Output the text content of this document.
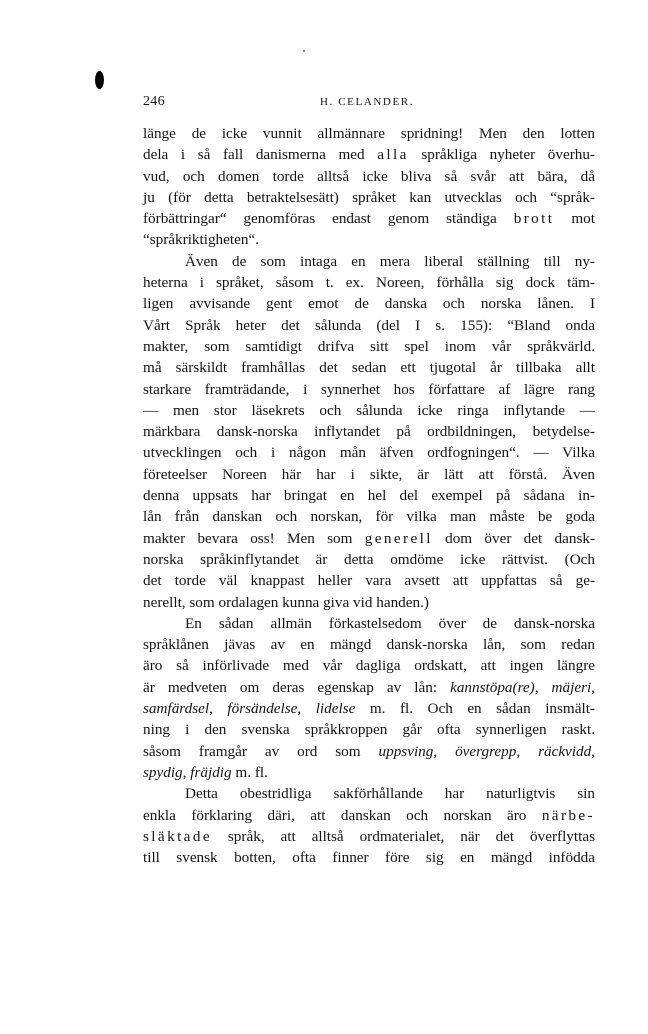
246	H. CELANDER.
länge de icke vunnit allmännare spridning! Men den lotten
dela i så fall danismerna med alla språkliga nyheter överhu-
vud, och domen torde alltså icke bliva så svår att bära, då
ju (för detta betraktelsesätt) språket kan utvecklas och “språk-
förbättringar“ genomföras endast genom ständiga brott mot
“språkriktigheten“.
Även de som intaga en mera liberal ställning till ny-
heterna i språket, såsom t. ex. Noreen, förhålla sig dock täm-
ligen avvisande gent emot de danska och norska lånen. I
Vårt Språk heter det sålunda (del I s. 155): “Bland onda
makter, som samtidigt drifva sitt spel inom vår språkvärld.
må särskildt framhållas det sedan ett tjugotal år tillbaka allt
starkare framträdande, i synnerhet hos författare af lägre rang
— men stor läsekrets och sålunda icke ringa inflytande —
märkbara dansk-norska inflytandet på ordbildningen, betydelse-
utvecklingen och i någon mån äfven ordfogningen“. — Vilka
företeelser Noreen här har i sikte, är lätt att förstå. Även
denna uppsats har bringat en hel del exempel på sådana in-
lån från danskan och norskan, för vilka man måste be goda
makter bevara oss! Men som generell dom över det dansk-
norska språkinflytandet är detta omdöme icke rättvist. (Och
det torde väl knappast heller vara avsett att uppfattas så ge-
nerellt, som ordalagen kunna giva vid handen.)
En sådan allmän förkastelsedom över de dansk-norska
språklånen jävas av en mängd dansk-norska lån, som redan
äro så införlivade med vår dagliga ordskatt, att ingen längre
är medveten om deras egenskap av lån: kannstöpa(re), mäjeri,
samfärdsel, försändelse, lidelse m. fl. Och en sådan insmält-
ning i den svenska språkkroppen går ofta synnerligen raskt.
såsom framgår av ord som uppsving, övergrepp, räckvidd,
spydig, fräjdig m. fl.
Detta obestridliga sakförhållande har naturligtvis sin
enkla förklaring däri, att danskan och norskan äro närbe-
släktade språk, att alltså ordmaterialet, när det överflyttas
till svensk botten, ofta finner före sig en mängd infödda
